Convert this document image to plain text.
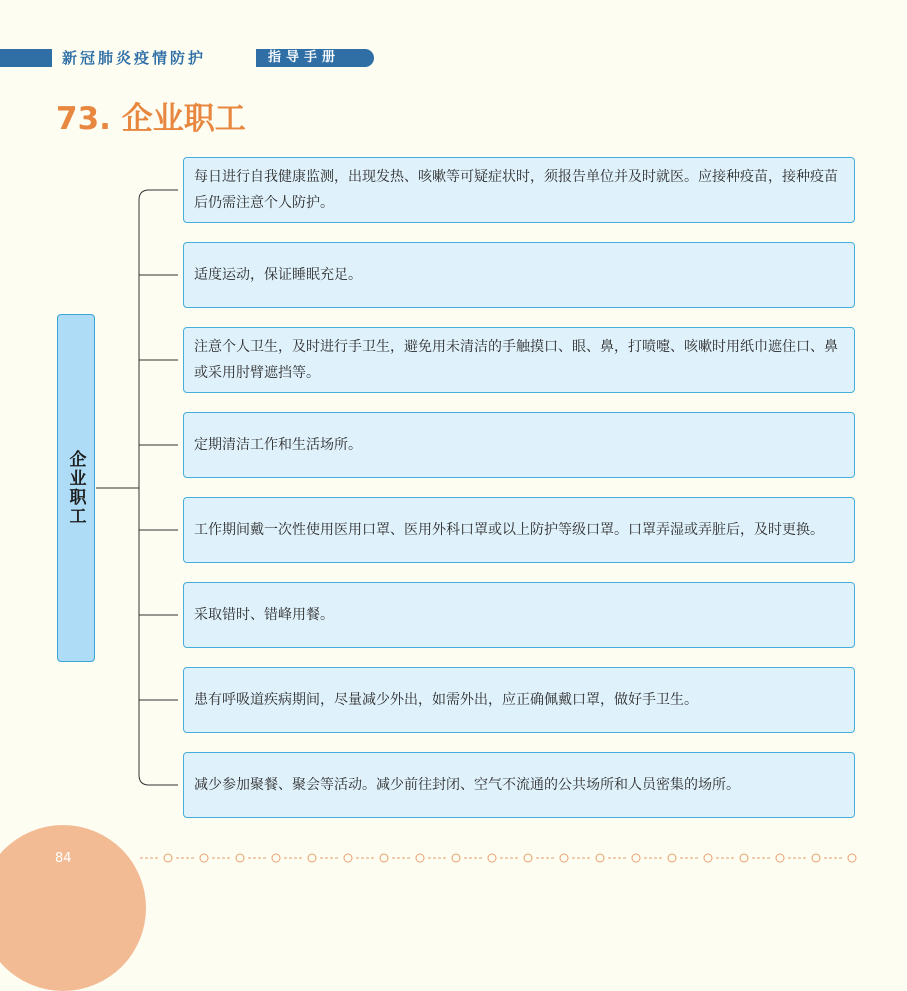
新冠肺炎疫情防护	指导手册
73. 企业职工
企业职工
每日进行自我健康监测，出现发热、咳嗽等可疑症状时，须报告单位并及时就医。应接种疫苗，接种疫苗后仍需注意个人防护。
适度运动，保证睡眠充足。
注意个人卫生，及时进行手卫生，避免用未清洁的手触摸口、眼、鼻，打喷嚏、咳嗽时用纸巾遮住口、鼻或采用肘臂遮挡等。
定期清洁工作和生活场所。
工作期间戴一次性使用医用口罩、医用外科口罩或以上防护等级口罩。口罩弄湿或弄脏后，及时更换。
采取错时、错峰用餐。
患有呼吸道疾病期间，尽量减少外出，如需外出，应正确佩戴口罩，做好手卫生。
减少参加聚餐、聚会等活动。减少前往封闭、空气不流通的公共场所和人员密集的场所。
84
